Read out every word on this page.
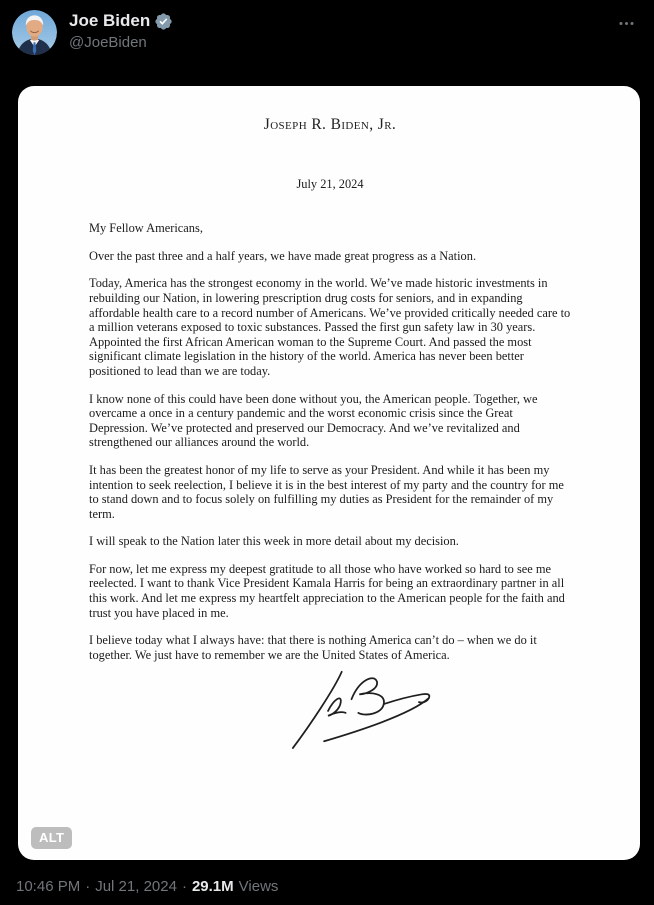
Joe Biden
@JoeBiden
Joseph R. Biden, Jr.
July 21, 2024
My Fellow Americans,

Over the past three and a half years, we have made great progress as a Nation.

Today, America has the strongest economy in the world. We’ve made historic investments in rebuilding our Nation, in lowering prescription drug costs for seniors, and in expanding affordable health care to a record number of Americans. We’ve provided critically needed care to a million veterans exposed to toxic substances. Passed the first gun safety law in 30 years. Appointed the first African American woman to the Supreme Court. And passed the most significant climate legislation in the history of the world. America has never been better positioned to lead than we are today.

I know none of this could have been done without you, the American people. Together, we overcame a once in a century pandemic and the worst economic crisis since the Great Depression. We’ve protected and preserved our Democracy. And we’ve revitalized and strengthened our alliances around the world.

It has been the greatest honor of my life to serve as your President. And while it has been my intention to seek reelection, I believe it is in the best interest of my party and the country for me to stand down and to focus solely on fulfilling my duties as President for the remainder of my term.

I will speak to the Nation later this week in more detail about my decision.

For now, let me express my deepest gratitude to all those who have worked so hard to see me reelected. I want to thank Vice President Kamala Harris for being an extraordinary partner in all this work. And let me express my heartfelt appreciation to the American people for the faith and trust you have placed in me.

I believe today what I always have: that there is nothing America can’t do – when we do it together. We just have to remember we are the United States of America.

ALT
10:46 PM · Jul 21, 2024 · 29.1M Views
